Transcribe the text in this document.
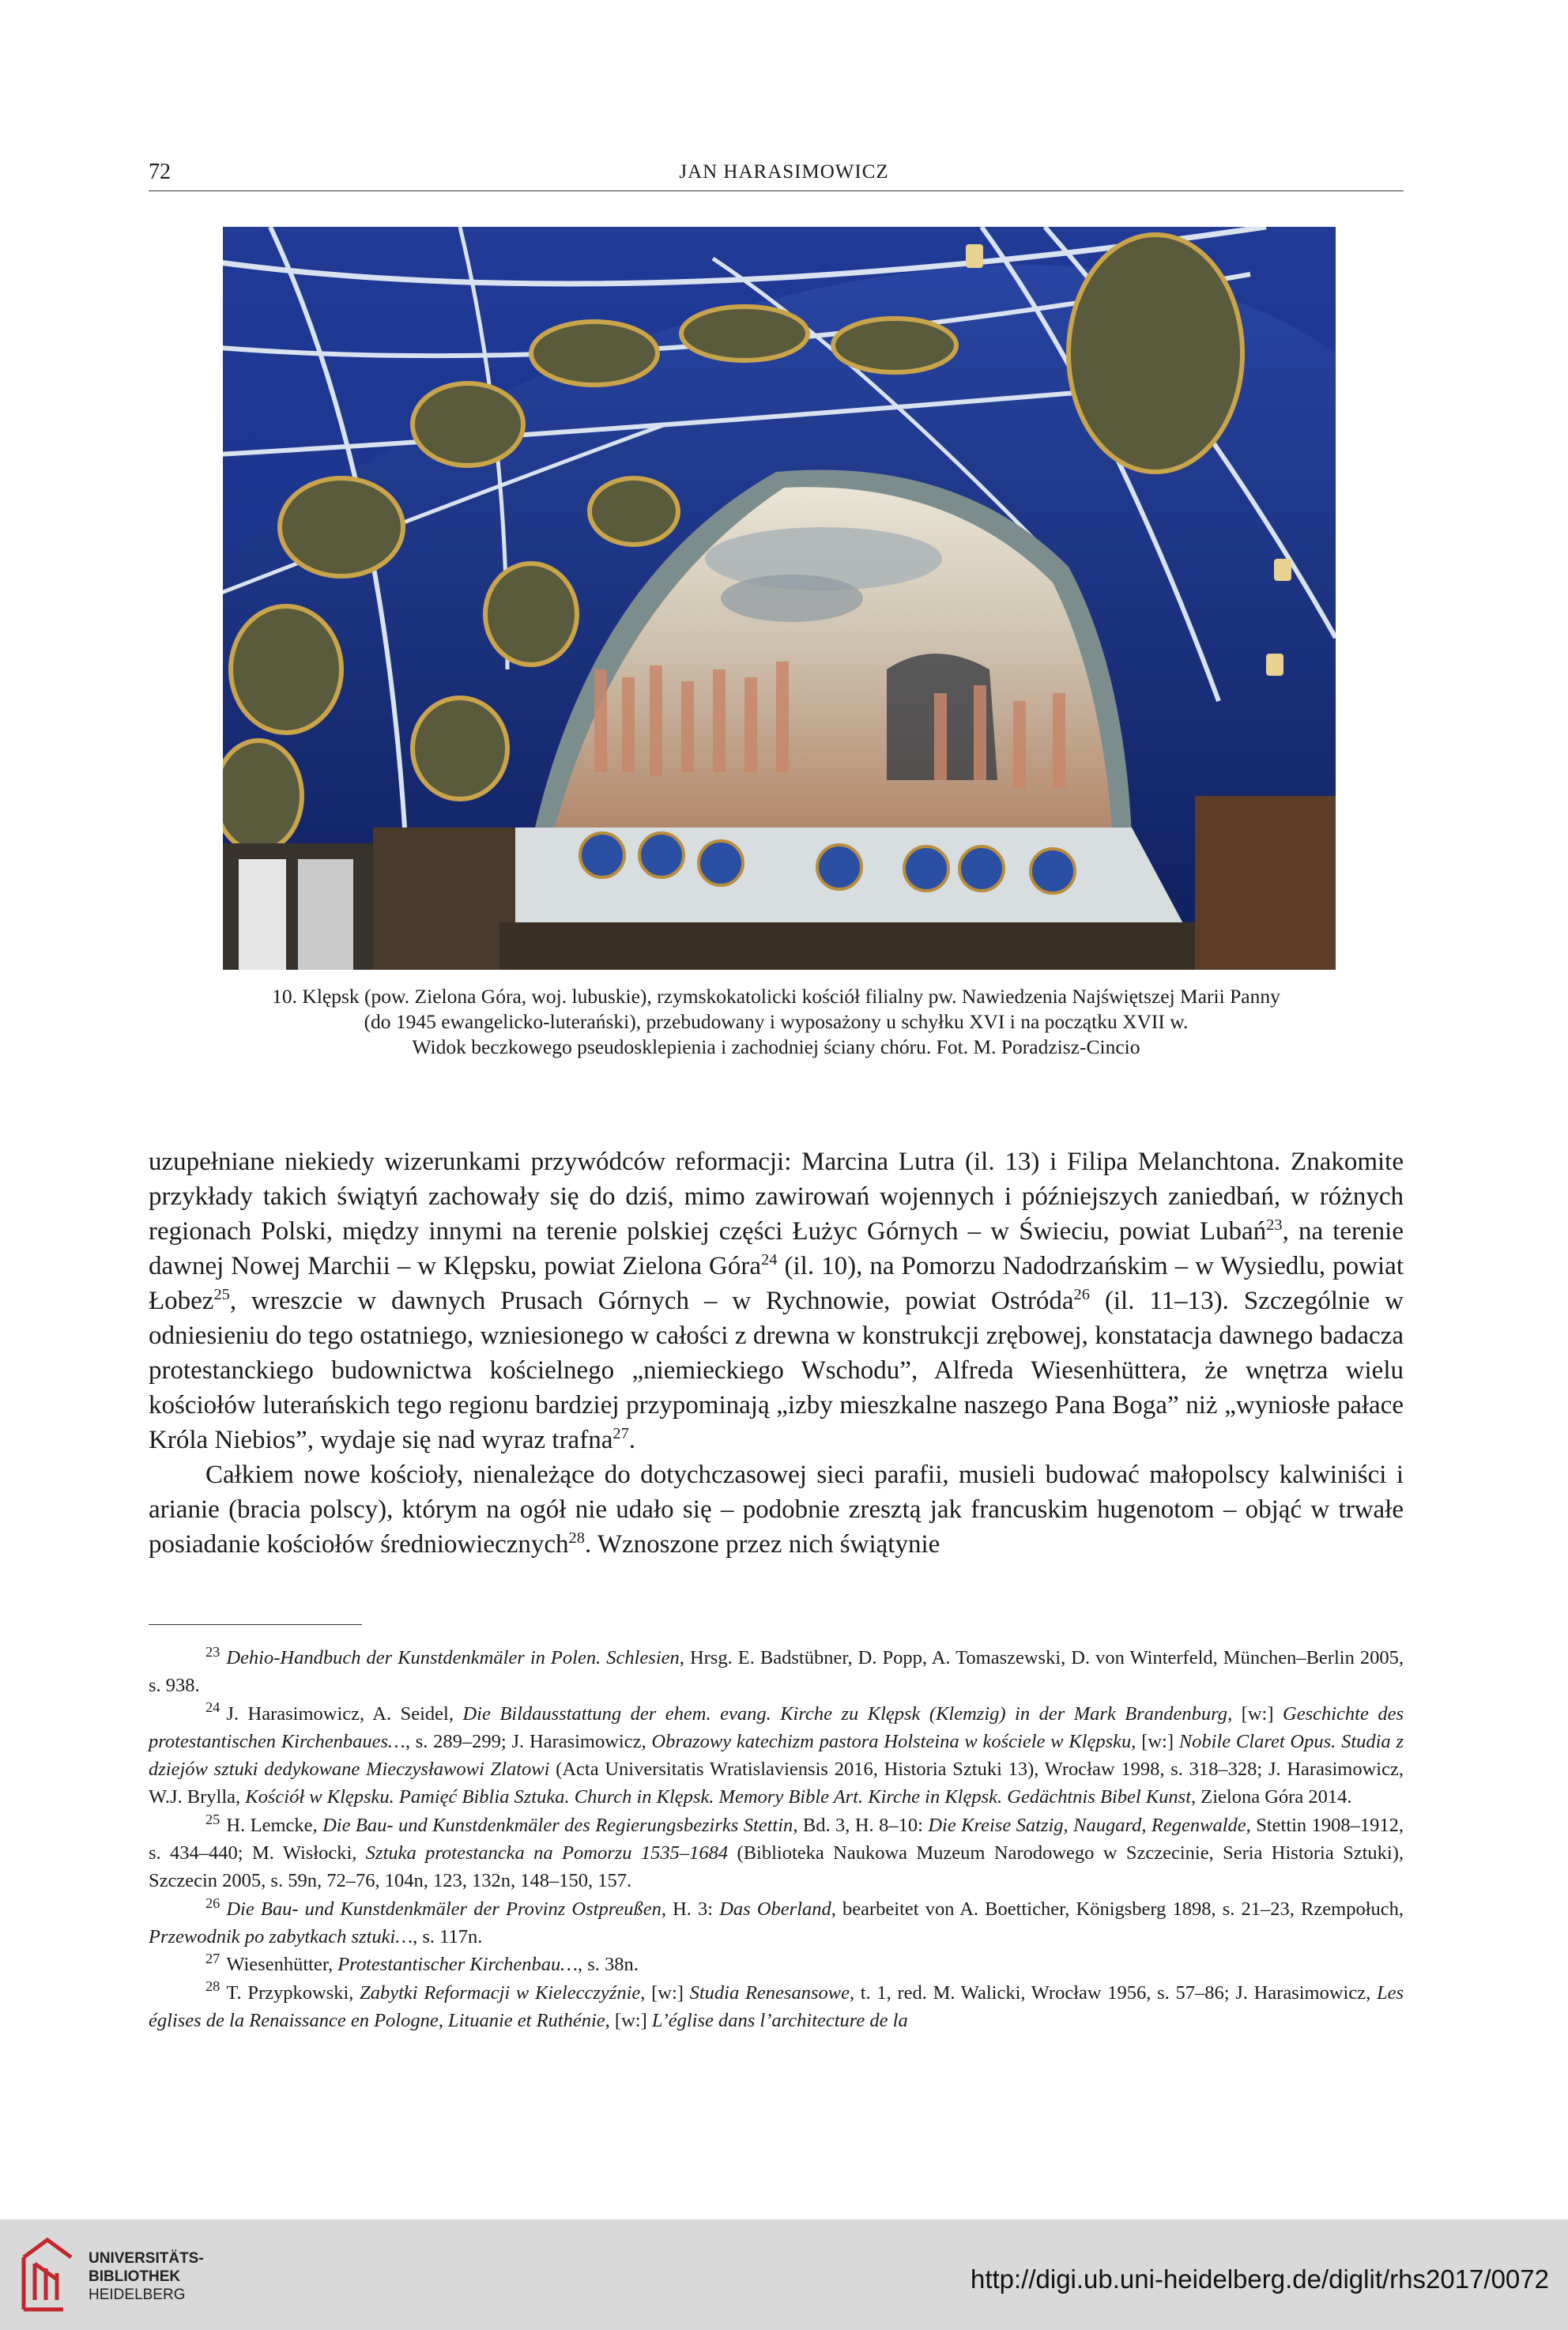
72	JAN HARASIMOWICZ
10. Klępsk (pow. Zielona Góra, woj. lubuskie), rzymskokatolicki kościół filialny pw. Nawiedzenia Najświętszej Marii Panny
(do 1945 ewangelicko-luterański), przebudowany i wyposażony u schyłku XVI i na początku XVII w.
Widok beczkowego pseudosklepienia i zachodniej ściany chóru. Fot. M. Poradzisz-Cincio

uzupełniane niekiedy wizerunkami przywódców reformacji: Marcina Lutra (il. 13) i Filipa Melanchtona. Znakomite przykłady takich świątyń zachowały się do dziś, mimo zawirowań wojennych i późniejszych zaniedbań, w różnych regionach Polski, między innymi na terenie polskiej części Łużyc Górnych – w Świeciu, powiat Lubań$^{23}$, na terenie dawnej Nowej Marchii – w Klępsku, powiat Zielona Góra$^{24}$ (il. 10), na Pomorzu Nadodrzańskim – w Wysiedlu, powiat Łobez$^{25}$, wreszcie w dawnych Prusach Górnych – w Rychnowie, powiat Ostróda$^{26}$ (il. 11–13). Szczególnie w odniesieniu do tego ostatniego, wzniesionego w całości z drewna w konstrukcji zrębowej, konstatacja dawnego badacza protestanckiego budownictwa kościelnego „niemieckiego Wschodu”, Alfreda Wiesenhüttera, że wnętrza wielu kościołów luterańskich tego regionu bardziej przypominają „izby mieszkalne naszego Pana Boga” niż „wyniosłe pałace Króla Niebios”, wydaje się nad wyraz trafna$^{27}$.

Całkiem nowe kościoły, nienależące do dotychczasowej sieci parafii, musieli budować małopolscy kalwiniści i arianie (bracia polscy), którym na ogół nie udało się – podobnie zresztą jak francuskim hugenotom – objąć w trwałe posiadanie kościołów średniowiecznych$^{28}$. Wznoszone przez nich świątynie

$^{23}$ Dehio-Handbuch der Kunstdenkmäler in Polen. Schlesien, Hrsg. E. Badstübner, D. Popp, A. Tomaszewski, D. von Winterfeld, München–Berlin 2005, s. 938.

$^{24}$ J. Harasimowicz, A. Seidel, Die Bildausstattung der ehem. evang. Kirche zu Klępsk (Klemzig) in der Mark Brandenburg, [w:] Geschichte des protestantischen Kirchenbaues…, s. 289–299; J. Harasimowicz, Obrazowy katechizm pastora Holsteina w kościele w Klępsku, [w:] Nobile Claret Opus. Studia z dziejów sztuki dedykowane Mieczysławowi Zlatowi (Acta Universitatis Wratislaviensis 2016, Historia Sztuki 13), Wrocław 1998, s. 318–328; J. Harasimowicz, W.J. Brylla, Kościół w Klępsku. Pamięć Biblia Sztuka. Church in Klępsk. Memory Bible Art. Kirche in Klępsk. Gedächtnis Bibel Kunst, Zielona Góra 2014.

$^{25}$ H. Lemcke, Die Bau- und Kunstdenkmäler des Regierungsbezirks Stettin, Bd. 3, H. 8–10: Die Kreise Satzig, Naugard, Regenwalde, Stettin 1908–1912, s. 434–440; M. Wisłocki, Sztuka protestancka na Pomorzu 1535–1684 (Biblioteka Naukowa Muzeum Narodowego w Szczecinie, Seria Historia Sztuki), Szczecin 2005, s. 59n, 72–76, 104n, 123, 132n, 148–150, 157.

$^{26}$ Die Bau- und Kunstdenkmäler der Provinz Ostpreußen, H. 3: Das Oberland, bearbeitet von A. Boetticher, Königsberg 1898, s. 21–23, Rzempołuch, Przewodnik po zabytkach sztuki…, s. 117n.

$^{27}$ Wiesenhütter, Protestantischer Kirchenbau…, s. 38n.

$^{28}$ T. Przypkowski, Zabytki Reformacji w Kielecczyźnie, [w:] Studia Renesansowe, t. 1, red. M. Walicki, Wrocław 1956, s. 57–86; J. Harasimowicz, Les églises de la Renaissance en Pologne, Lituanie et Ruthénie, [w:] L’église dans l’architecture de la

UNIVERSITÄTS-
BIBLIOTHEK
HEIDELBERG
http://digi.ub.uni-heidelberg.de/diglit/rhs2017/0072
